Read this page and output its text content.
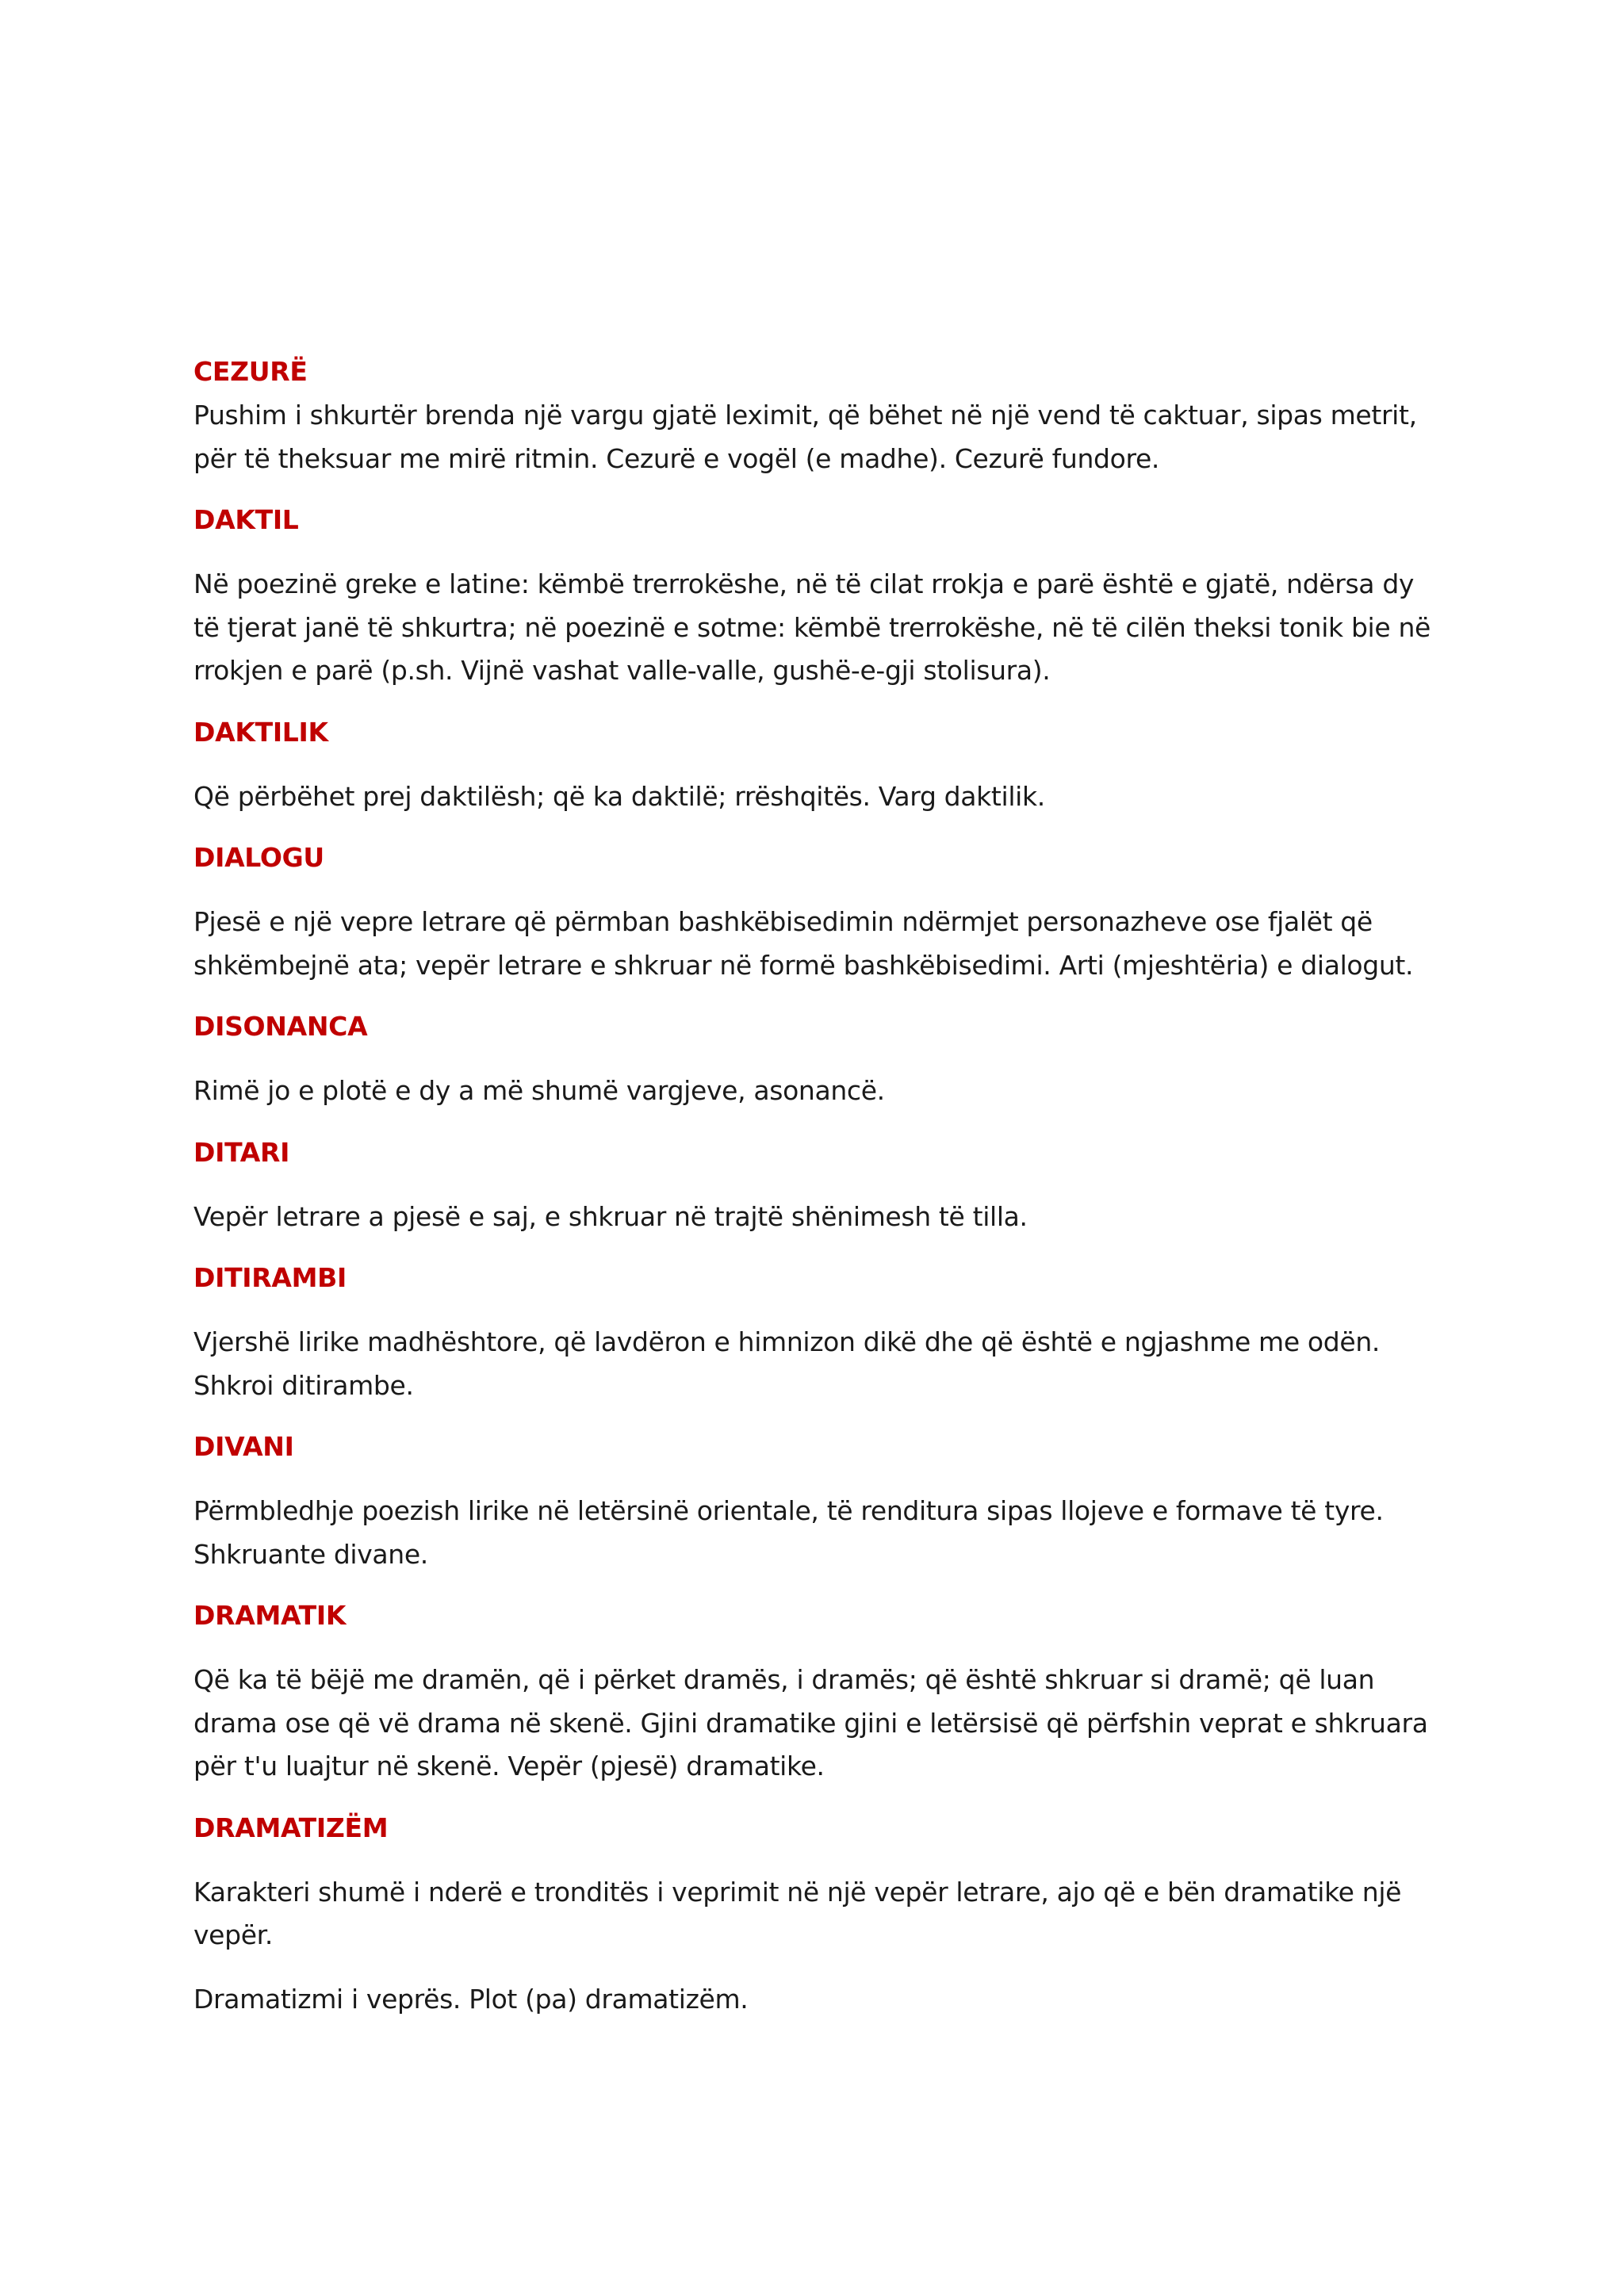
CEZURË

Pushim i shkurtër brenda një vargu gjatë leximit, që bëhet në një vend të caktuar, sipas metrit, për të theksuar me mirë ritmin. Cezurë e vogël (e madhe). Cezurë fundore.

DAKTIL

Në poezinë greke e latine: këmbë trerrokëshe, në të cilat rrokja e parë është e gjatë, ndërsa dy të tjerat janë të shkurtra; në poezinë e sotme: këmbë trerrokëshe, në të cilën theksi tonik bie në rrokjen e parë (p.sh. Vijnë vashat valle-valle, gushë-e-gji stolisura).

DAKTILIK

Që përbëhet prej daktilësh; që ka daktilë; rrëshqitës. Varg daktilik.

DIALOGU

Pjesë e një vepre letrare që përmban bashkëbisedimin ndërmjet personazheve ose fjalët që shkëmbejnë ata; vepër letrare e shkruar në formë bashkëbisedimi. Arti (mjeshtëria) e dialogut.

DISONANCA

Rimë jo e plotë e dy a më shumë vargjeve, asonancë.

DITARI

Vepër letrare a pjesë e saj, e shkruar në trajtë shënimesh të tilla.

DITIRAMBI

Vjershë lirike madhështore, që lavdëron e himnizon dikë dhe që është e ngjashme me odën. Shkroi ditirambe.

DIVANI

Përmbledhje poezish lirike në letërsinë orientale, të renditura sipas llojeve e formave të tyre. Shkruante divane.

DRAMATIK

Që ka të bëjë me dramën, që i përket dramës, i dramës; që është shkruar si dramë; që luan drama ose që vë drama në skenë. Gjini dramatike gjini e letërsisë që përfshin veprat e shkruara për t'u luajtur në skenë. Vepër (pjesë) dramatike.

DRAMATIZËM

Karakteri shumë i nderë e tronditës i veprimit në një vepër letrare, ajo që e bën dramatike një vepër.

Dramatizmi i veprës. Plot (pa) dramatizëm.
